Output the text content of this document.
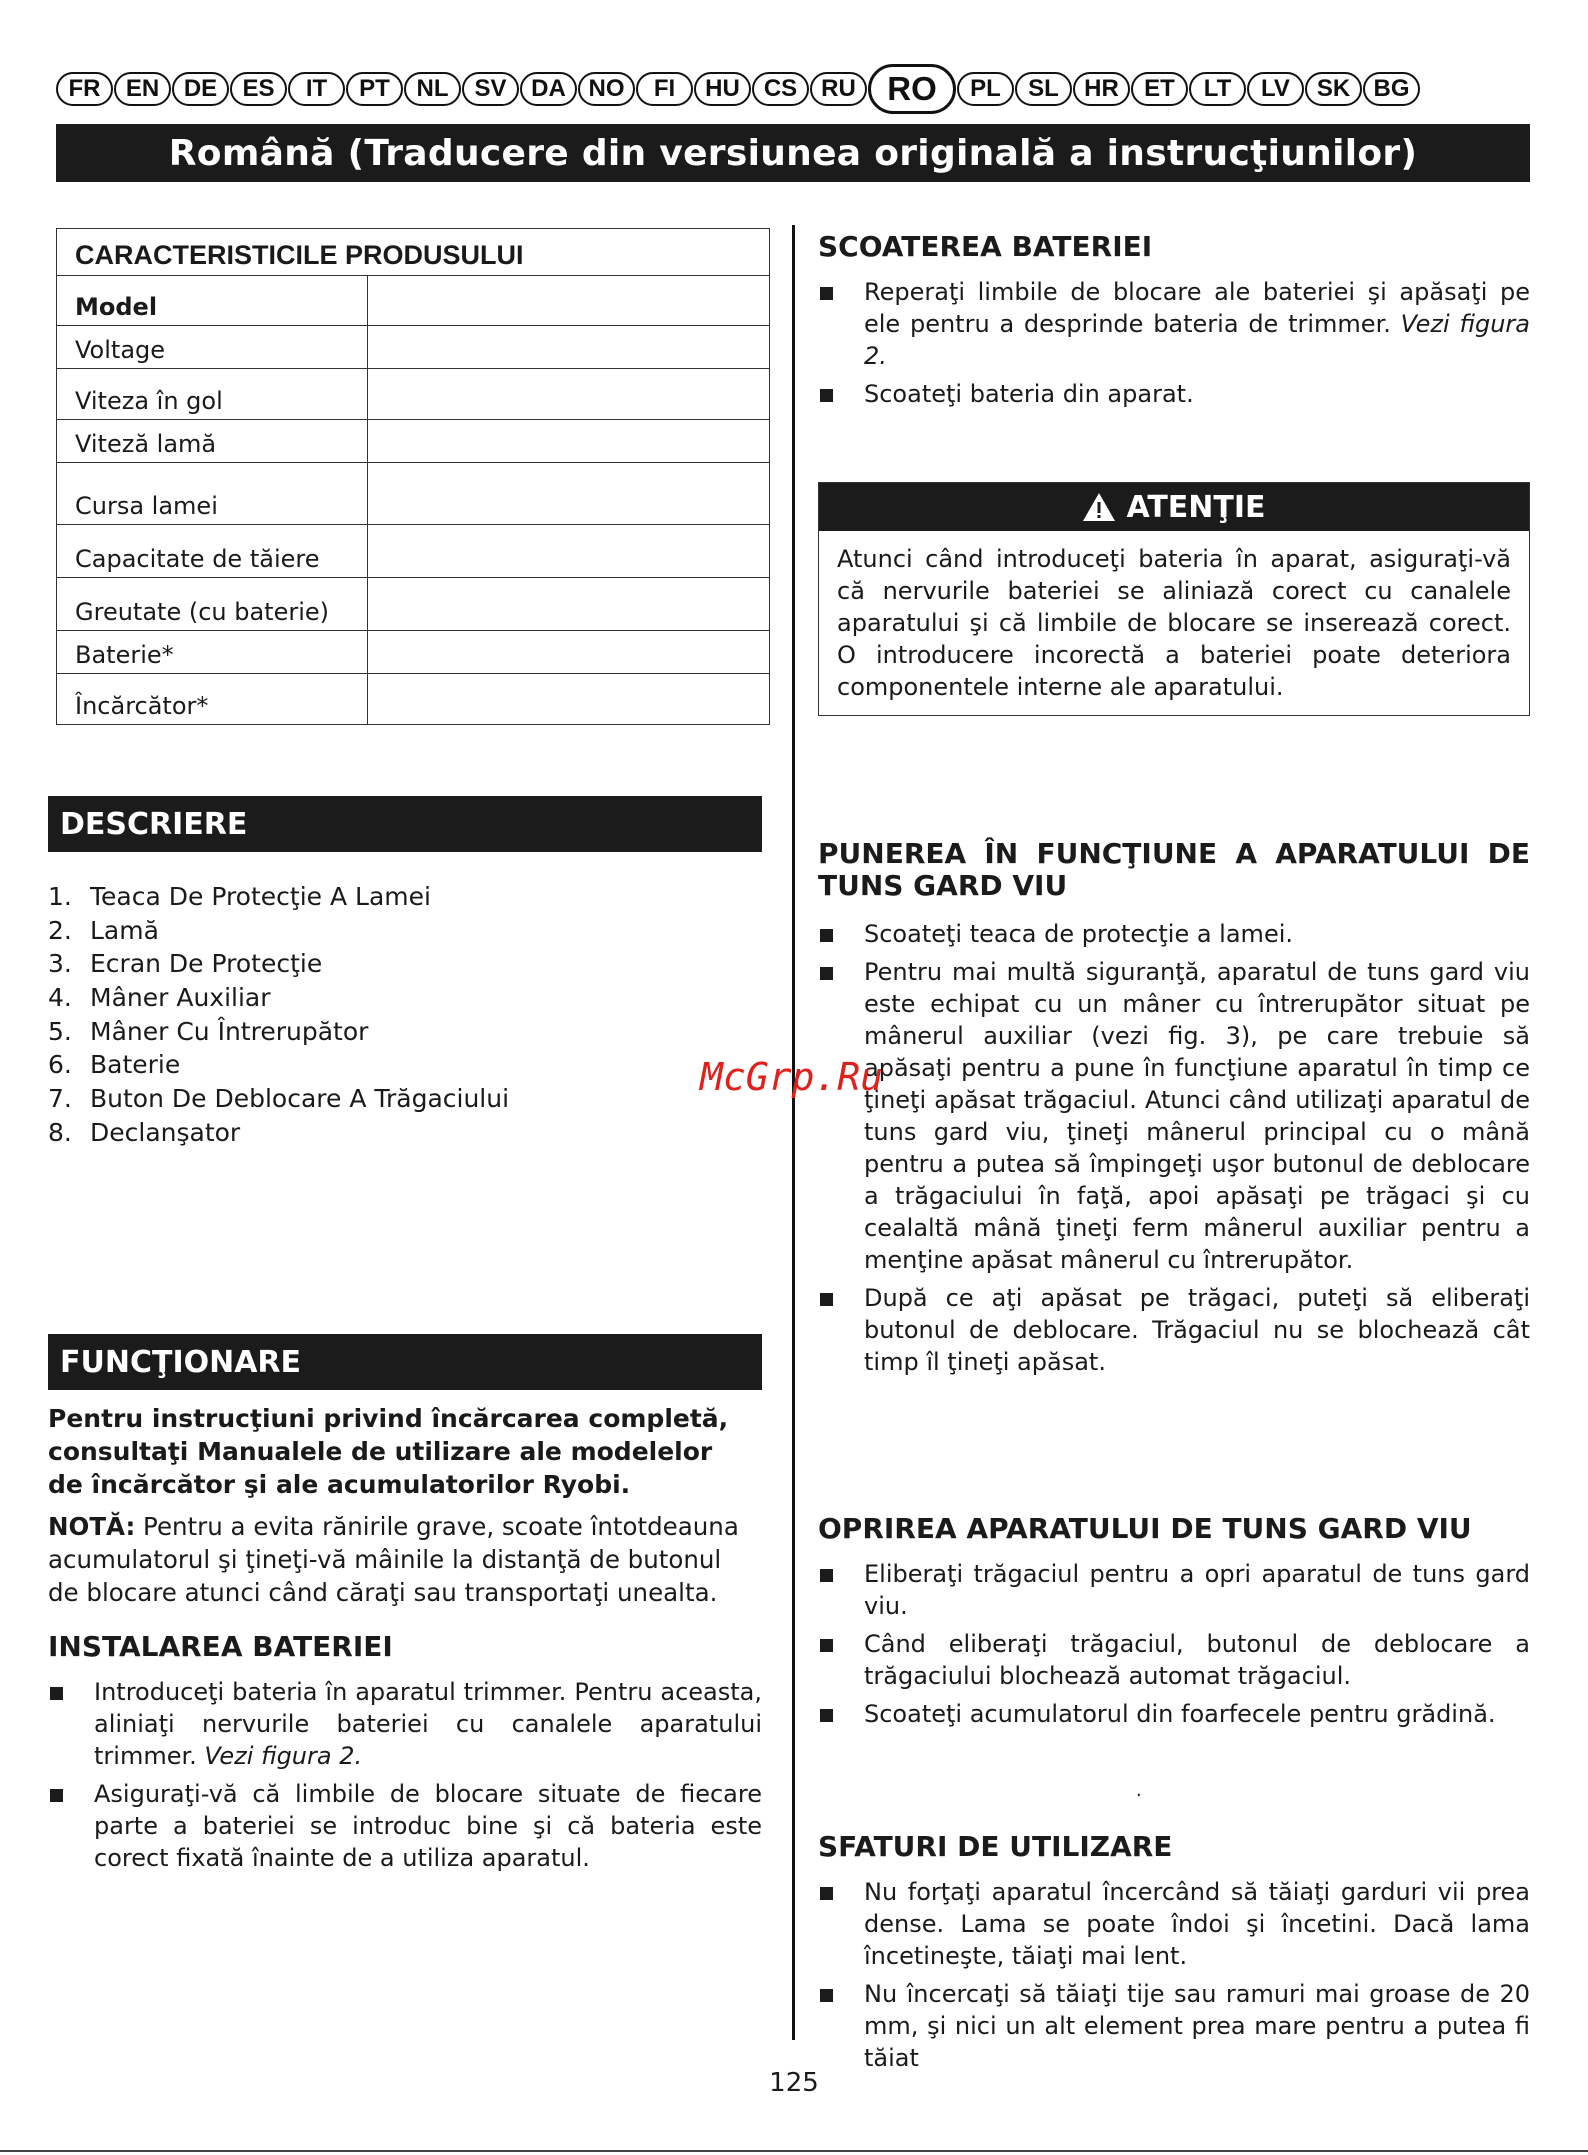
FR	EN	DE	ES	IT	PT	NL	SV	DA NO	FI	HU	CS RU RO	PL	SL	HR	ET	LT	LV	SK BG
Română (Traducere din versiunea originală a instrucţiunilor)
CARACTERISTICILE PRODUSULUI	
Model	
Voltage	
Viteza în gol	
Viteză lamă	
Cursa lamei	
Capacitate de tăiere	
Greutate (cu baterie)	
Baterie*	
Încărcător*	
DESCRIERE
1. Teaca De Protecţie A Lamei
2. Lamă
3. Ecran De Protecţie
4. Mâner Auxiliar
5. Mâner Cu Întrerupător
6. Baterie
7. Buton De Deblocare A Trăgaciului
8. Declanşator
FUNCŢIONARE
Pentru instrucţiuni privind încărcarea completă, consultaţi Manualele de utilizare ale modelelor de încărcător şi ale acumulatorilor Ryobi.
NOTĂ: Pentru a evita rănirile grave, scoate întotdeauna acumulatorul şi ţineţi-vă mâinile la distanţă de butonul de blocare atunci când căraţi sau transportaţi unealta.
INSTALAREA BATERIEI
Introduceţi bateria în aparatul trimmer. Pentru aceasta, aliniaţi nervurile bateriei cu canalele aparatului trimmer. Vezi figura 2.
Asiguraţi-vă că limbile de blocare situate de fiecare parte a bateriei se introduc bine şi că bateria este corect fixată înainte de a utiliza aparatul.
SCOATEREA BATERIEI
Reperaţi limbile de blocare ale bateriei şi apăsaţi pe ele pentru a desprinde bateria de trimmer. Vezi figura 2.
Scoateţi bateria din aparat.
ATENŢIE
Atunci când introduceţi bateria în aparat, asiguraţi-vă că nervurile bateriei se aliniază corect cu canalele aparatului şi că limbile de blocare se inserează corect. O introducere incorectă a bateriei poate deteriora componentele interne ale aparatului.
PUNEREA ÎN FUNCŢIUNE A APARATULUI DE TUNS GARD VIU
Scoateţi teaca de protecţie a lamei.
Pentru mai multă siguranţă, aparatul de tuns gard viu este echipat cu un mâner cu întrerupător situat pe mânerul auxiliar (vezi fig. 3), pe care trebuie să apăsaţi pentru a pune în funcţiune aparatul în timp ce ţineţi apăsat trăgaciul. Atunci când utilizaţi aparatul de tuns gard viu, ţineţi mânerul principal cu o mână pentru a putea să împingeţi uşor butonul de deblocare a trăgaciului în faţă, apoi apăsaţi pe trăgaci şi cu cealaltă mână ţineţi ferm mânerul auxiliar pentru a menţine apăsat mânerul cu întrerupător.
După ce aţi apăsat pe trăgaci, puteţi să eliberaţi butonul de deblocare. Trăgaciul nu se blochează cât timp îl ţineţi apăsat.
McGrp.Ru
OPRIREA APARATULUI DE TUNS GARD VIU
Eliberaţi trăgaciul pentru a opri aparatul de tuns gard viu.
Când eliberaţi trăgaciul, butonul de deblocare a trăgaciului blochează automat trăgaciul.
Scoateţi acumulatorul din foarfecele pentru grădină.
.
SFATURI DE UTILIZARE
Nu forţaţi aparatul încercând să tăiaţi garduri vii prea dense. Lama se poate îndoi şi încetini. Dacă lama încetineşte, tăiaţi mai lent.
Nu încercaţi să tăiaţi tije sau ramuri mai groase de 20 mm, şi nici un alt element prea mare pentru a putea fi tăiat
125
